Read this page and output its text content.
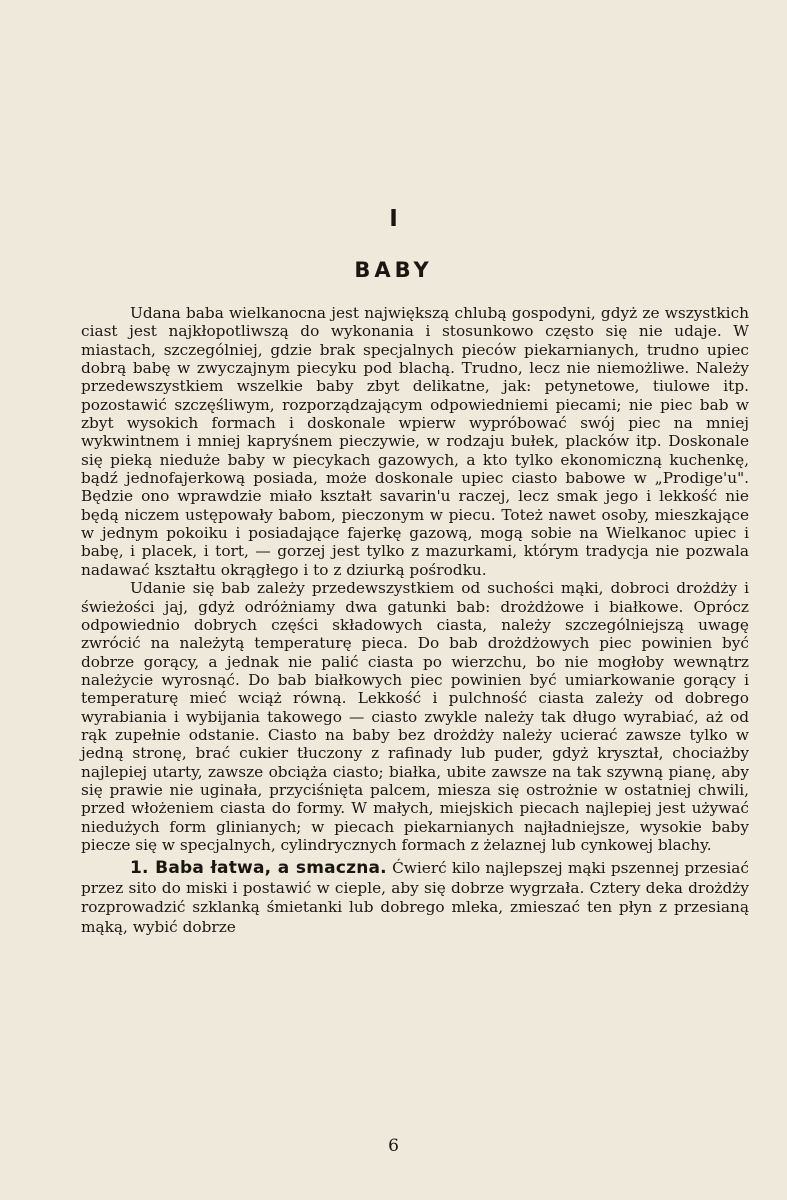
I
BABY

Udana baba wielkanocna jest największą chlubą gospodyni, gdyż ze wszystkich ciast jest najkłopotliwszą do wykonania i stosunkowo często się nie udaje. W miastach, szczególniej, gdzie brak specjalnych pieców piekarnianych, trudno upiec dobrą babę w zwyczajnym piecyku pod blachą. Trudno, lecz nie niemożliwe. Należy przedewszystkiem wszelkie baby zbyt delikatne, jak: petynetowe, tiulowe itp. pozostawić szczęśliwym, rozporządzającym odpowiedniemi piecami; nie piec bab w zbyt wysokich formach i doskonale wpierw wypróbować swój piec na mniej wykwintnem i mniej kapryśnem pieczywie, w rodzaju bułek, placków itp. Doskonale się pieką nieduże baby w piecykach gazowych, a kto tylko ekonomiczną kuchenkę, bądź jednofajerkową posiada, może doskonale upiec ciasto babowe w „Prodige'u". Będzie ono wprawdzie miało kształt savarin'u raczej, lecz smak jego i lekkość nie będą niczem ustępowały babom, pieczonym w piecu. Toteż nawet osoby, mieszkające w jednym pokoiku i posiadające fajerkę gazową, mogą sobie na Wielkanoc upiec i babę, i placek, i tort, — gorzej jest tylko z mazurkami, którym tradycja nie pozwala nadawać kształtu okrągłego i to z dziurką pośrodku.

Udanie się bab zależy przedewszystkiem od suchości mąki, dobroci drożdży i świeżości jaj, gdyż odróżniamy dwa gatunki bab: drożdżowe i białkowe. Oprócz odpowiednio dobrych części składowych ciasta, należy szczególniejszą uwagę zwrócić na należytą temperaturę pieca. Do bab drożdżowych piec powinien być dobrze gorący, a jednak nie palić ciasta po wierzchu, bo nie mogłoby wewnątrz należycie wyrosnąć. Do bab białkowych piec powinien być umiarkowanie gorący i temperaturę mieć wciąż równą. Lekkość i pulchność ciasta zależy od dobrego wyrabiania i wybijania takowego — ciasto zwykle należy tak długo wyrabiać, aż od rąk zupełnie odstanie. Ciasto na baby bez drożdży należy ucierać zawsze tylko w jedną stronę, brać cukier tłuczony z rafinady lub puder, gdyż kryształ, chociażby najlepiej utarty, zawsze obciąża ciasto; białka, ubite zawsze na tak szywną pianę, aby się prawie nie uginała, przyciśnięta palcem, miesza się ostrożnie w ostatniej chwili, przed włożeniem ciasta do formy. W małych, miejskich piecach najlepiej jest używać niedużych form glinianych; w piecach piekarnianych najładniejsze, wysokie baby piecze się w specjalnych, cylindrycznych formach z żelaznej lub cynkowej blachy.

1. Baba łatwa, a smaczna. Ćwierć kilo najlepszej mąki pszennej przesiać przez sito do miski i postawić w cieple, aby się dobrze wygrzała. Cztery deka drożdży rozprowadzić szklanką śmietanki lub dobrego mleka, zmieszać ten płyn z przesianą mąką, wybić dobrze

6
